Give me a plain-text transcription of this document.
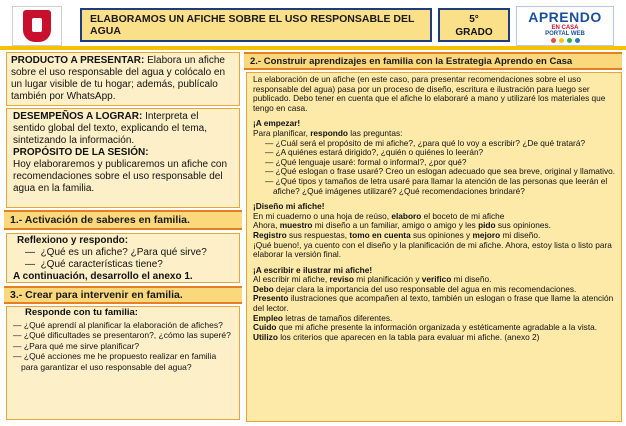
ELABORAMOS UN AFICHE SOBRE EL USO RESPONSABLE DEL AGUA
5°
GRADO
APRENDO
EN CASA
PORTAL WEB
PRODUCTO A PRESENTAR: Elabora un afiche sobre el uso responsable del agua y colócalo en un lugar visible de tu hogar; además, publícalo también por WhatsApp.
DESEMPEÑOS A LOGRAR: Interpreta el sentido global del texto, explicando el tema, sintetizando la información.
PROPÓSITO DE LA SESIÓN:
Hoy elaboraremos y publicaremos un afiche con recomendaciones sobre el uso responsable del agua en la familia.
1.- Activación de saberes en familia.
Reflexiono y respondo:
—  ¿Qué es un afiche? ¿Para qué sirve?
—  ¿Qué características tiene?
A continuación, desarrollo el anexo 1.
3.- Crear para intervenir en familia.
Responde con tu familia:
— ¿Qué aprendí al planificar la elaboración de afiches?
— ¿Qué dificultades se presentaron?, ¿cómo las superé?
— ¿Para qué me sirve planificar?
— ¿Qué acciones me he propuesto realizar en familia para garantizar el uso responsable del agua?
2.- Construir aprendizajes en familia con la Estrategia Aprendo en Casa

La elaboración de un afiche (en este caso, para presentar recomendaciones sobre el uso responsable del agua) pasa por un proceso de diseño, escritura e ilustración para luego ser publicado. Debo tener en cuenta que el afiche lo elaboraré a mano y utilizaré los materiales que tengo en casa.

¡A empezar!

Para planificar, respondo las preguntas:

— ¿Cuál será el propósito de mi afiche?, ¿para qué lo voy a escribir? ¿De qué tratará?

— ¿A quiénes estará dirigido?, ¿quién o quiénes lo leerán?

— ¿Qué lenguaje usaré: formal o informal?, ¿por qué?

— ¿Qué eslogan o frase usaré? Creo un eslogan adecuado que sea breve, original y llamativo.

— ¿Qué tipos y tamaños de letra usaré para llamar la atención de las personas que leerán el afiche? ¿Qué imágenes utilizaré? ¿Qué recomendaciones brindaré?

¡Diseño mi afiche!

En mi cuaderno o una hoja de reúso, elaboro el boceto de mi afiche

Ahora, muestro mi diseño a un familiar, amigo o amigo y les pido sus opiniones.

Registro sus respuestas, tomo en cuenta sus opiniones y mejoro mi diseño.

¡Qué bueno!, ya cuento con el diseño y la planificación de mi afiche. Ahora, estoy lista o listo para elaborar la versión final.

¡A escribir e ilustrar mi afiche!

Al escribir mi afiche, reviso mi planificación y verifico mi diseño.

Debo dejar clara la importancia del uso responsable del agua en mis recomendaciones.

Presento ilustraciones que acompañen al texto, también un eslogan o frase que llame la atención del lector.

Empleo letras de tamaños diferentes.

Cuido que mi afiche presente la información organizada y estéticamente agradable a la vista.

Utilizo los criterios que aparecen en la tabla para evaluar mi afiche. (anexo 2)
